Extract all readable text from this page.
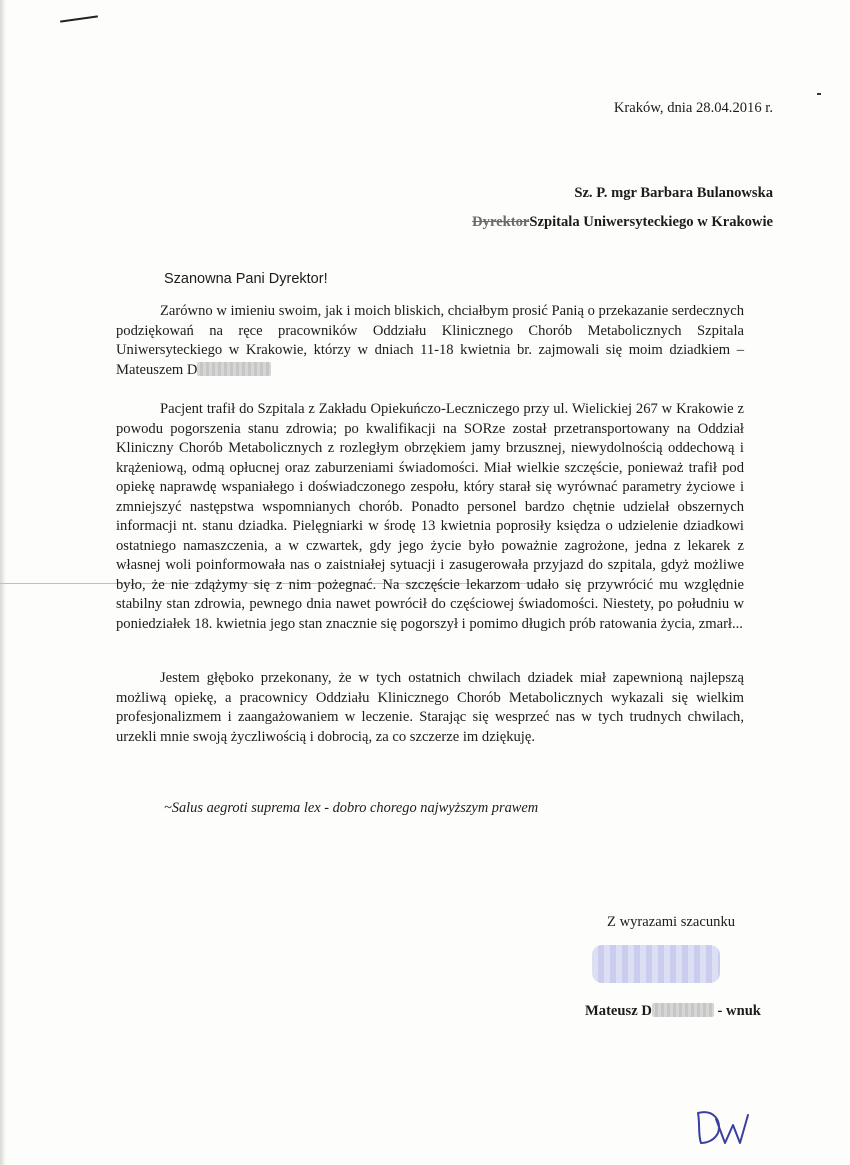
Kraków, dnia 28.04.2016 r.
Sz. P. mgr Barbara Bulanowska
DyrektorSzpitala Uniwersyteckiego w Krakowie
Szanowna Pani Dyrektor!

Zarówno w imieniu swoim, jak i moich bliskich, chciałbym prosić Panią o przekazanie serdecznych podziękowań na ręce pracowników Oddziału Klinicznego Chorób Metabolicznych Szpitala Uniwersyteckiego w Krakowie, którzy w dniach 11-18 kwietnia br. zajmowali się moim dziadkiem – Mateuszem D

Pacjent trafił do Szpitala z Zakładu Opiekuńczo-Leczniczego przy ul. Wielickiej 267 w Krakowie z powodu pogorszenia stanu zdrowia; po kwalifikacji na SORze został przetransportowany na Oddział Kliniczny Chorób Metabolicznych z rozległym obrzękiem jamy brzusznej, niewydolnością oddechową i krążeniową, odmą opłucnej oraz zaburzeniami świadomości. Miał wielkie szczęście, ponieważ trafił pod opiekę naprawdę wspaniałego i doświadczonego zespołu, który starał się wyrównać parametry życiowe i zmniejszyć następstwa wspomnianych chorób. Ponadto personel bardzo chętnie udzielał obszernych informacji nt. stanu dziadka. Pielęgniarki w środę 13 kwietnia poprosiły księdza o udzielenie dziadkowi ostatniego namaszczenia, a w czwartek, gdy jego życie było poważnie zagrożone, jedna z lekarek z własnej woli poinformowała nas o zaistniałej sytuacji i zasugerowała przyjazd do szpitala, gdyż możliwe było, że nie zdążymy się z nim pożegnać. Na szczęście lekarzom udało się przywrócić mu względnie stabilny stan zdrowia, pewnego dnia nawet powrócił do częściowej świadomości. Niestety, po południu w poniedziałek 18. kwietnia jego stan znacznie się pogorszył i pomimo długich prób ratowania życia, zmarł...

Jestem głęboko przekonany, że w tych ostatnich chwilach dziadek miał zapewnioną najlepszą możliwą opiekę, a pracownicy Oddziału Klinicznego Chorób Metabolicznych wykazali się wielkim profesjonalizmem i zaangażowaniem w leczenie. Starając się wesprzeć nas w tych trudnych chwilach, urzekli mnie swoją życzliwością i dobrocią, za co szczerze im dziękuję.

~Salus aegroti suprema lex - dobro chorego najwyższym prawem
Z wyrazami szacunku
Mateusz D	- wnuk
